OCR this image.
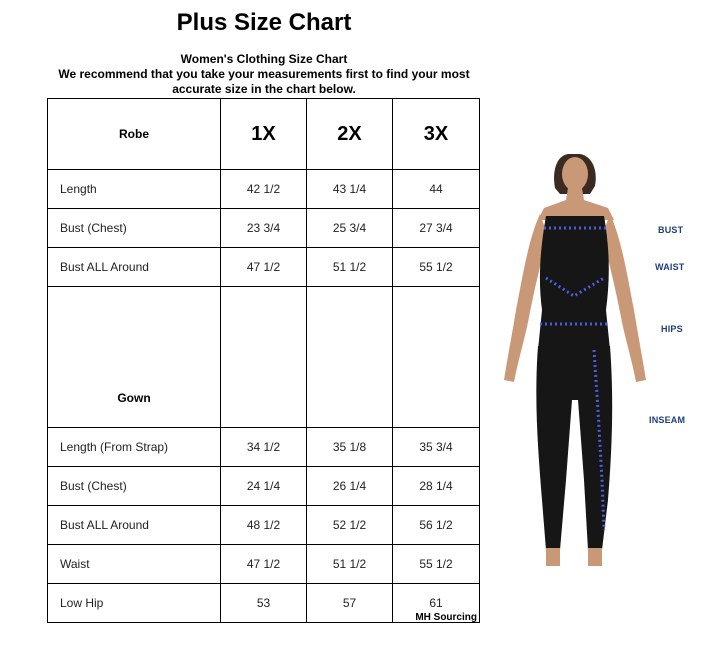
Plus Size Chart
Women's Clothing Size Chart
We recommend that you take your measurements first to find your most
accurate size in the chart below.
Robe	1X	2X	3X
Length	42 1/2	43 1/4	44
Bust (Chest)	23 3/4	25 3/4	27 3/4
Bust ALL Around	47 1/2	51 1/2	55 1/2
Gown			
Length (From Strap)	34 1/2	35 1/8	35 3/4
Bust (Chest)	24 1/4	26 1/4	28 1/4
Bust ALL Around	48 1/2	52 1/2	56 1/2
Waist	47 1/2	51 1/2	55 1/2
Low Hip	53	57	61
MH Sourcing
BUST
WAIST
HIPS
INSEAM
